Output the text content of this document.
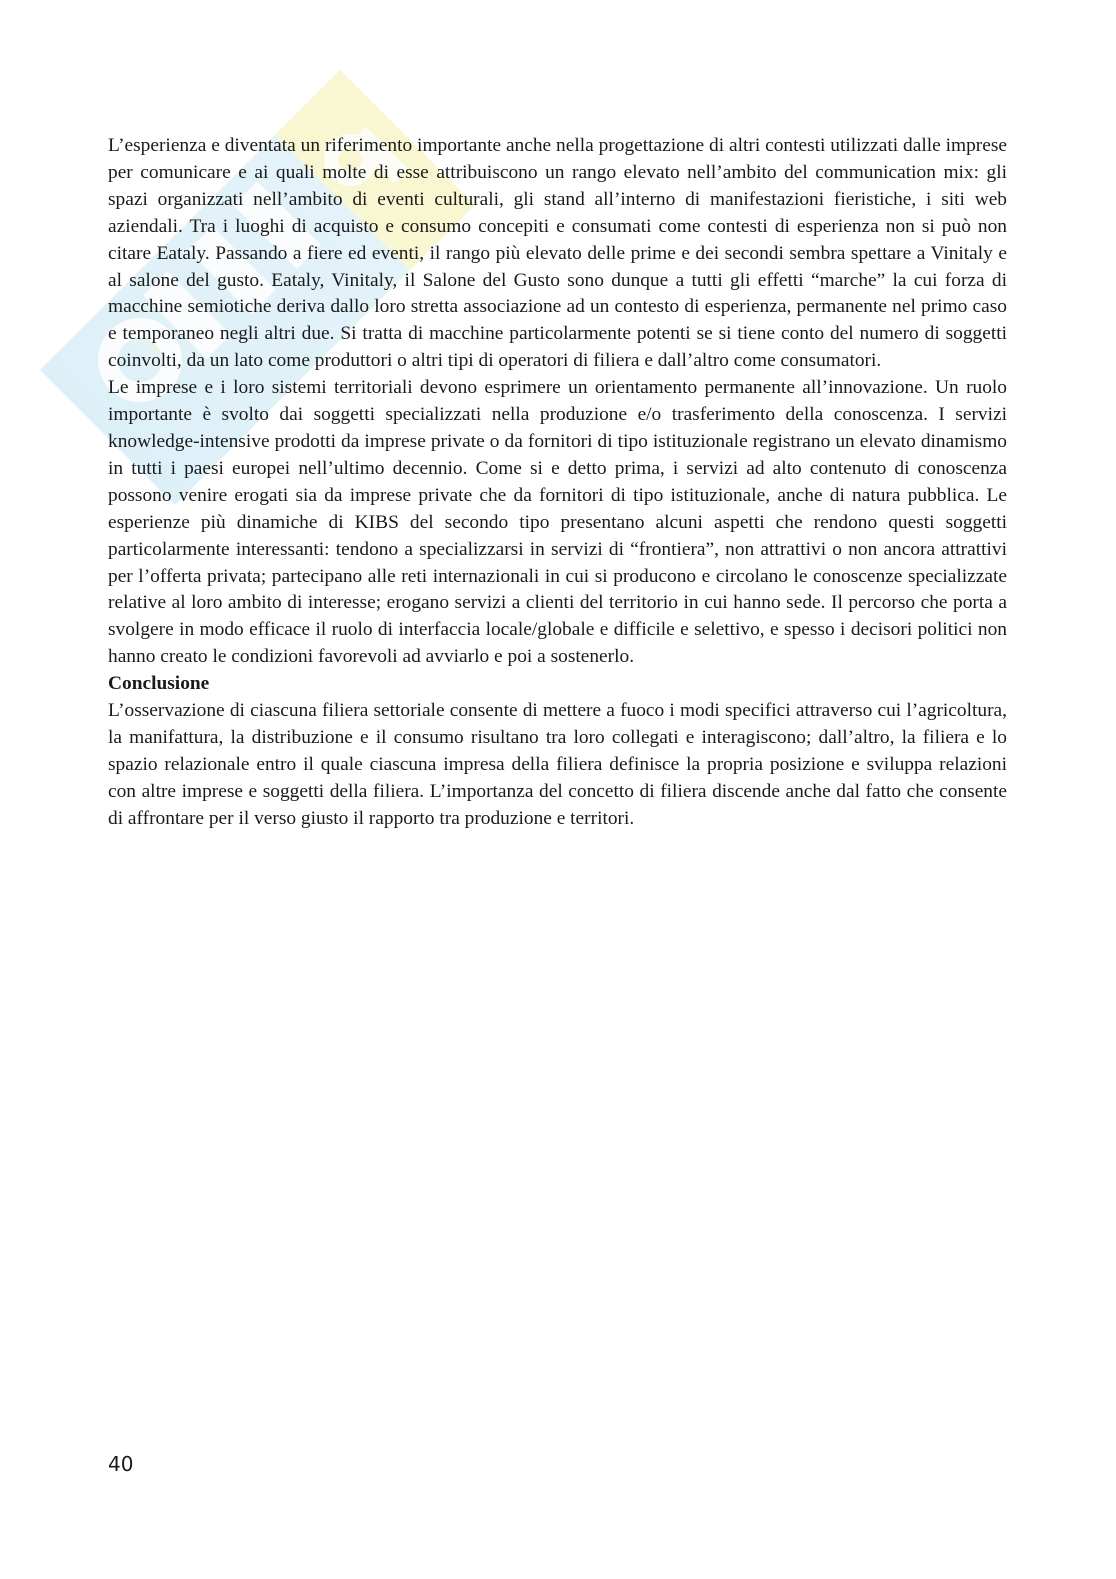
L’esperienza e diventata un riferimento importante anche nella progettazione di altri contesti utilizzati dalle imprese per comunicare e ai quali molte di esse attribuiscono un rango elevato nell’ambito del communication mix: gli spazi organizzati nell’ambito di eventi culturali, gli stand all’interno di manifestazioni fieristiche, i siti web aziendali. Tra i luoghi di acquisto e consumo concepiti e consumati come contesti di esperienza non si può non citare Eataly. Passando a fiere ed eventi, il rango più elevato delle prime e dei secondi sembra spettare a Vinitaly e al salone del gusto. Eataly, Vinitaly, il Salone del Gusto sono dunque a tutti gli effetti “marche” la cui forza di macchine semiotiche deriva dallo loro stretta associazione ad un contesto di esperienza, permanente nel primo caso e temporaneo negli altri due. Si tratta di macchine particolarmente potenti se si tiene conto del numero di soggetti coinvolti, da un lato come produttori o altri tipi di operatori di filiera e dall’altro come consumatori.

Le imprese e i loro sistemi territoriali devono esprimere un orientamento permanente all’innovazione. Un ruolo importante è svolto dai soggetti specializzati nella produzione e/o trasferimento della conoscenza. I servizi knowledge-intensive prodotti da imprese private o da fornitori di tipo istituzionale registrano un elevato dinamismo in tutti i paesi europei nell’ultimo decennio. Come si e detto prima, i servizi ad alto contenuto di conoscenza possono venire erogati sia da imprese private che da fornitori di tipo istituzionale, anche di natura pubblica. Le esperienze più dinamiche di KIBS del secondo tipo presentano alcuni aspetti che rendono questi soggetti particolarmente interessanti: tendono a specializzarsi in servizi di “frontiera”, non attrattivi o non ancora attrattivi per l’offerta privata; partecipano alle reti internazionali in cui si producono e circolano le conoscenze specializzate relative al loro ambito di interesse; erogano servizi a clienti del territorio in cui hanno sede. Il percorso che porta a svolgere in modo efficace il ruolo di interfaccia locale/globale e difficile e selettivo, e spesso i decisori politici non hanno creato le condizioni favorevoli ad avviarlo e poi a sostenerlo.

Conclusione

L’osservazione di ciascuna filiera settoriale consente di mettere a fuoco i modi specifici attraverso cui l’agricoltura, la manifattura, la distribuzione e il consumo risultano tra loro collegati e interagiscono; dall’altro, la filiera e lo spazio relazionale entro il quale ciascuna impresa della filiera definisce la propria posizione e sviluppa relazioni con altre imprese e soggetti della filiera. L’importanza del concetto di filiera discende anche dal fatto che consente di affrontare per il verso giusto il rapporto tra produzione e territori.

40
